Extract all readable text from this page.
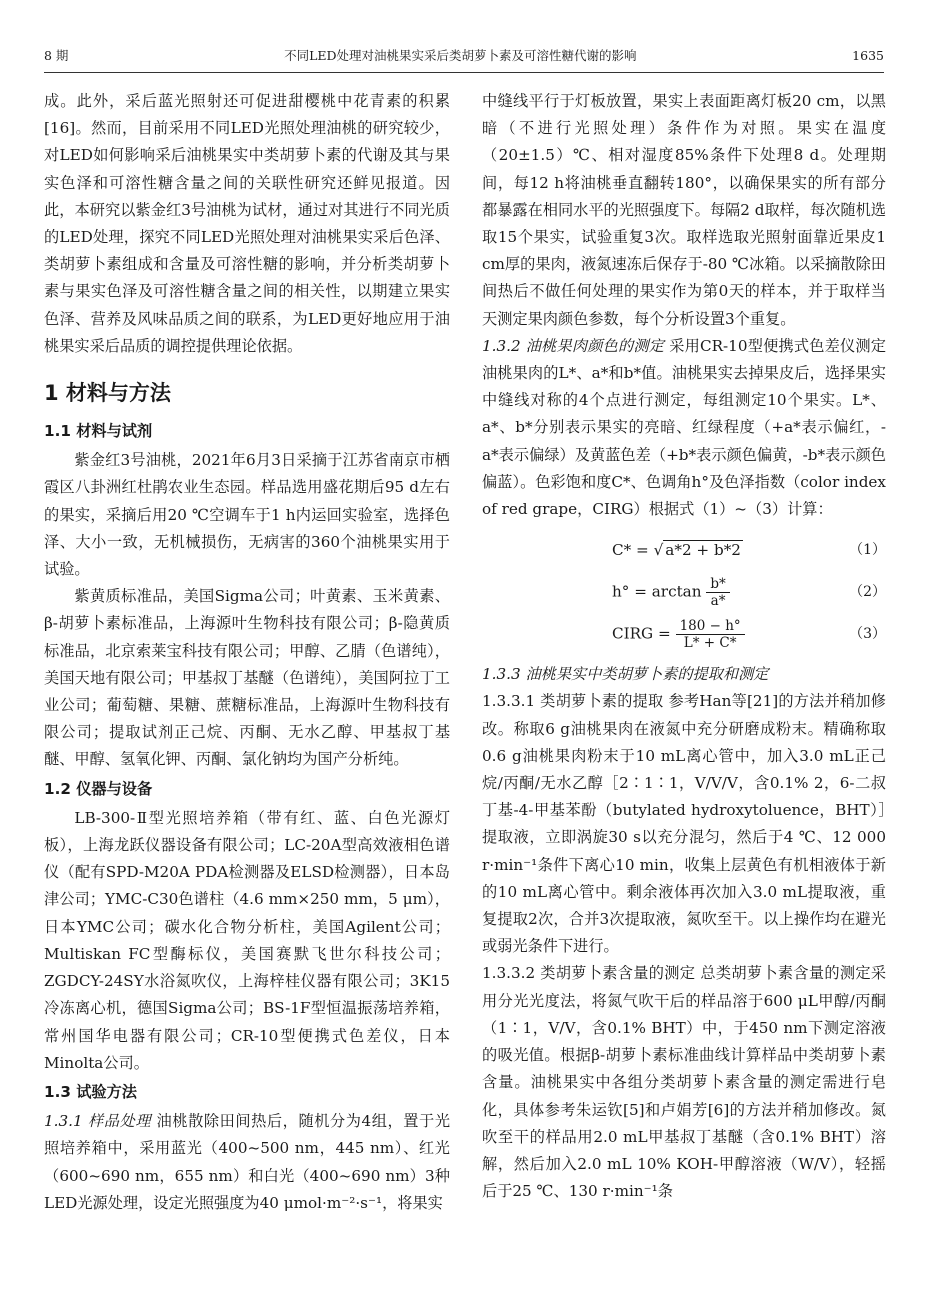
8 期	不同LED处理对油桃果实采后类胡萝卜素及可溶性糖代谢的影响	1635

成。此外，采后蓝光照射还可促进甜樱桃中花青素的积累[16]。然而，目前采用不同LED光照处理油桃的研究较少，对LED如何影响采后油桃果实中类胡萝卜素的代谢及其与果实色泽和可溶性糖含量之间的关联性研究还鲜见报道。因此，本研究以紫金红3号油桃为试材，通过对其进行不同光质的LED处理，探究不同LED光照处理对油桃果实采后色泽、类胡萝卜素组成和含量及可溶性糖的影响，并分析类胡萝卜素与果实色泽及可溶性糖含量之间的相关性，以期建立果实色泽、营养及风味品质之间的联系，为LED更好地应用于油桃果实采后品质的调控提供理论依据。

1 材料与方法
1.1 材料与试剂

紫金红3号油桃，2021年6月3日采摘于江苏省南京市栖霞区八卦洲红杜鹃农业生态园。样品选用盛花期后95 d左右的果实，采摘后用20 ℃空调车于1 h内运回实验室，选择色泽、大小一致，无机械损伤，无病害的360个油桃果实用于试验。

紫黄质标准品，美国Sigma公司；叶黄素、玉米黄素、β-胡萝卜素标准品，上海源叶生物科技有限公司；β-隐黄质标准品，北京索莱宝科技有限公司；甲醇、乙腈（色谱纯），美国天地有限公司；甲基叔丁基醚（色谱纯），美国阿拉丁工业公司；葡萄糖、果糖、蔗糖标准品，上海源叶生物科技有限公司；提取试剂正己烷、丙酮、无水乙醇、甲基叔丁基醚、甲醇、氢氧化钾、丙酮、氯化钠均为国产分析纯。

1.2 仪器与设备

LB-300-Ⅱ型光照培养箱（带有红、蓝、白色光源灯板），上海龙跃仪器设备有限公司；LC-20A型高效液相色谱仪（配有SPD-M20A PDA检测器及ELSD检测器），日本岛津公司；YMC-C30色谱柱（4.6 mm×250 mm，5 μm），日本YMC公司；碳水化合物分析柱，美国Agilent公司；Multiskan FC型酶标仪，美国赛默飞世尔科技公司；ZGDCY-24SY水浴氮吹仪，上海梓桂仪器有限公司；3K15冷冻离心机，德国Sigma公司；BS-1F型恒温振荡培养箱，常州国华电器有限公司；CR-10型便携式色差仪，日本Minolta公司。

1.3 试验方法

1.3.1 样品处理 油桃散除田间热后，随机分为4组，置于光照培养箱中，采用蓝光（400~500 nm，445 nm）、红光（600~690 nm，655 nm）和白光（400~690 nm）3种LED光源处理，设定光照强度为40 μmol·m⁻²·s⁻¹，将果实

中缝线平行于灯板放置，果实上表面距离灯板20 cm，以黑暗（不进行光照处理）条件作为对照。果实在温度（20±1.5）℃、相对湿度85%条件下处理8 d。处理期间，每12 h将油桃垂直翻转180°，以确保果实的所有部分都暴露在相同水平的光照强度下。每隔2 d取样，每次随机选取15个果实，试验重复3次。取样选取光照射面靠近果皮1 cm厚的果肉，液氮速冻后保存于-80 ℃冰箱。以采摘散除田间热后不做任何处理的果实作为第0天的样本，并于取样当天测定果肉颜色参数，每个分析设置3个重复。

1.3.2 油桃果肉颜色的测定 采用CR-10型便携式色差仪测定油桃果肉的L*、a*和b*值。油桃果实去掉果皮后，选择果实中缝线对称的4个点进行测定，每组测定10个果实。L*、a*、b*分别表示果实的亮暗、红绿程度（+a*表示偏红，-a*表示偏绿）及黄蓝色差（+b*表示颜色偏黄，-b*表示颜色偏蓝）。色彩饱和度C*、色调角h°及色泽指数（color index of red grape，CIRG）根据式（1）~（3）计算：

C* = √ a*2 + b*2	（1）
$h^\circ = \arctan \frac{b*}{a*}$	（2）
CIRG = $\frac{180 - h^\circ}{L* + C*}$	（3）

1.3.3 油桃果实中类胡萝卜素的提取和测定

1.3.3.1 类胡萝卜素的提取 参考Han等[21]的方法并稍加修改。称取6 g油桃果肉在液氮中充分研磨成粉末。精确称取0.6 g油桃果肉粉末于10 mL离心管中，加入3.0 mL正己烷/丙酮/无水乙醇［2∶1∶1，V/V/V，含0.1% 2，6-二叔丁基-4-甲基苯酚（butylated hydroxytoluence，BHT）］提取液，立即涡旋30 s以充分混匀，然后于4 ℃、12 000 r·min⁻¹条件下离心10 min，收集上层黄色有机相液体于新的10 mL离心管中。剩余液体再次加入3.0 mL提取液，重复提取2次，合并3次提取液，氮吹至干。以上操作均在避光或弱光条件下进行。

1.3.3.2 类胡萝卜素含量的测定 总类胡萝卜素含量的测定采用分光光度法，将氮气吹干后的样品溶于600 μL甲醇/丙酮（1∶1，V/V，含0.1% BHT）中，于450 nm下测定溶液的吸光值。根据β-胡萝卜素标准曲线计算样品中类胡萝卜素含量。油桃果实中各组分类胡萝卜素含量的测定需进行皂化，具体参考朱运钦[5]和卢娟芳[6]的方法并稍加修改。氮吹至干的样品用2.0 mL甲基叔丁基醚（含0.1% BHT）溶解，然后加入2.0 mL 10% KOH-甲醇溶液（W/V），轻摇后于25 ℃、130 r·min⁻¹条
